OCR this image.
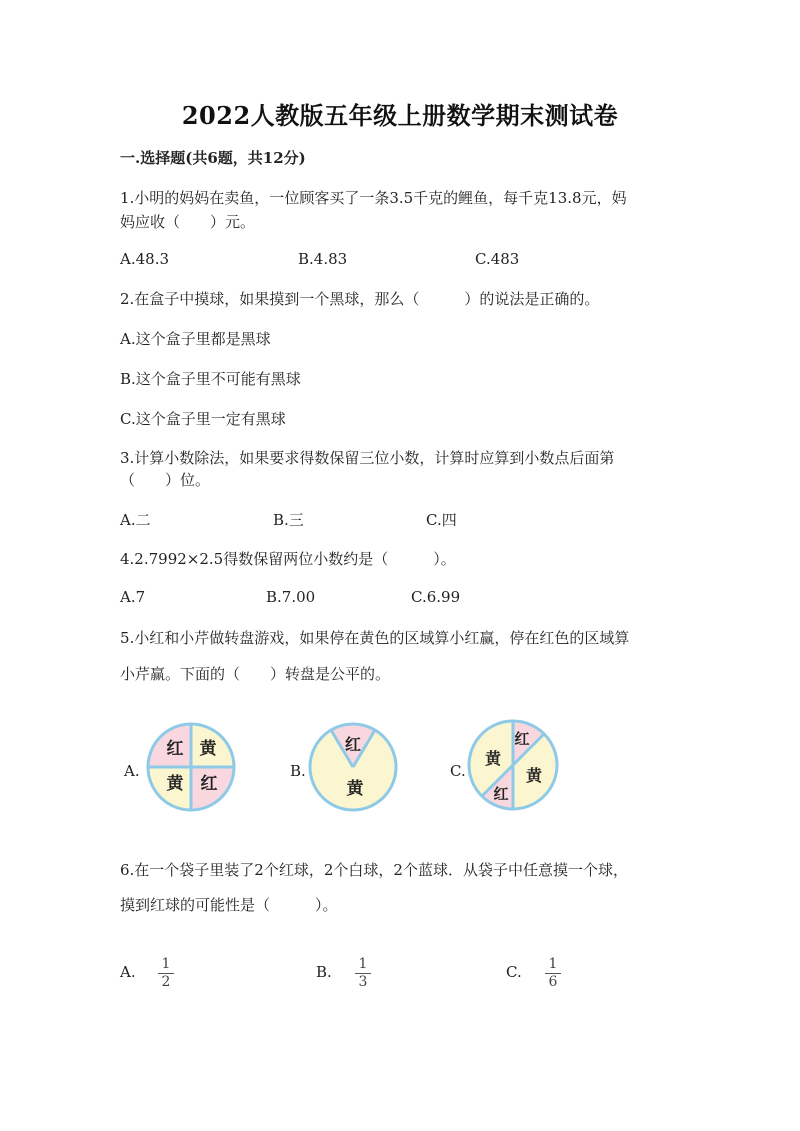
2022人教版五年级上册数学期末测试卷
一.选择题(共6题，共12分)
1.小明的妈妈在卖鱼，一位顾客买了一条3.5千克的鲤鱼，每千克13.8元，妈
妈应收（　　）元。
A.48.3	B.4.83	C.483
2.在盒子中摸球，如果摸到一个黑球，那么（　　　）的说法是正确的。
A.这个盒子里都是黑球
B.这个盒子里不可能有黑球
C.这个盒子里一定有黑球
3.计算小数除法，如果要求得数保留三位小数，计算时应算到小数点后面第
（　　）位。
A.二	B.三	C.四
4.2.7992×2.5得数保留两位小数约是（　　　）。
A.7	B.7.00	C.6.99
5.小红和小芹做转盘游戏，如果停在黄色的区域算小红赢，停在红色的区域算
小芹赢。下面的（　　）转盘是公平的。
A.
红 黄
黄 红
B.
红
黄
C.
黄
红
黄
红
6.在一个袋子里装了2个红球，2个白球，2个蓝球．从袋子中任意摸一个球，
摸到红球的可能性是（　　　）。
A. 1
2
B. 1
3
C. 1
6
